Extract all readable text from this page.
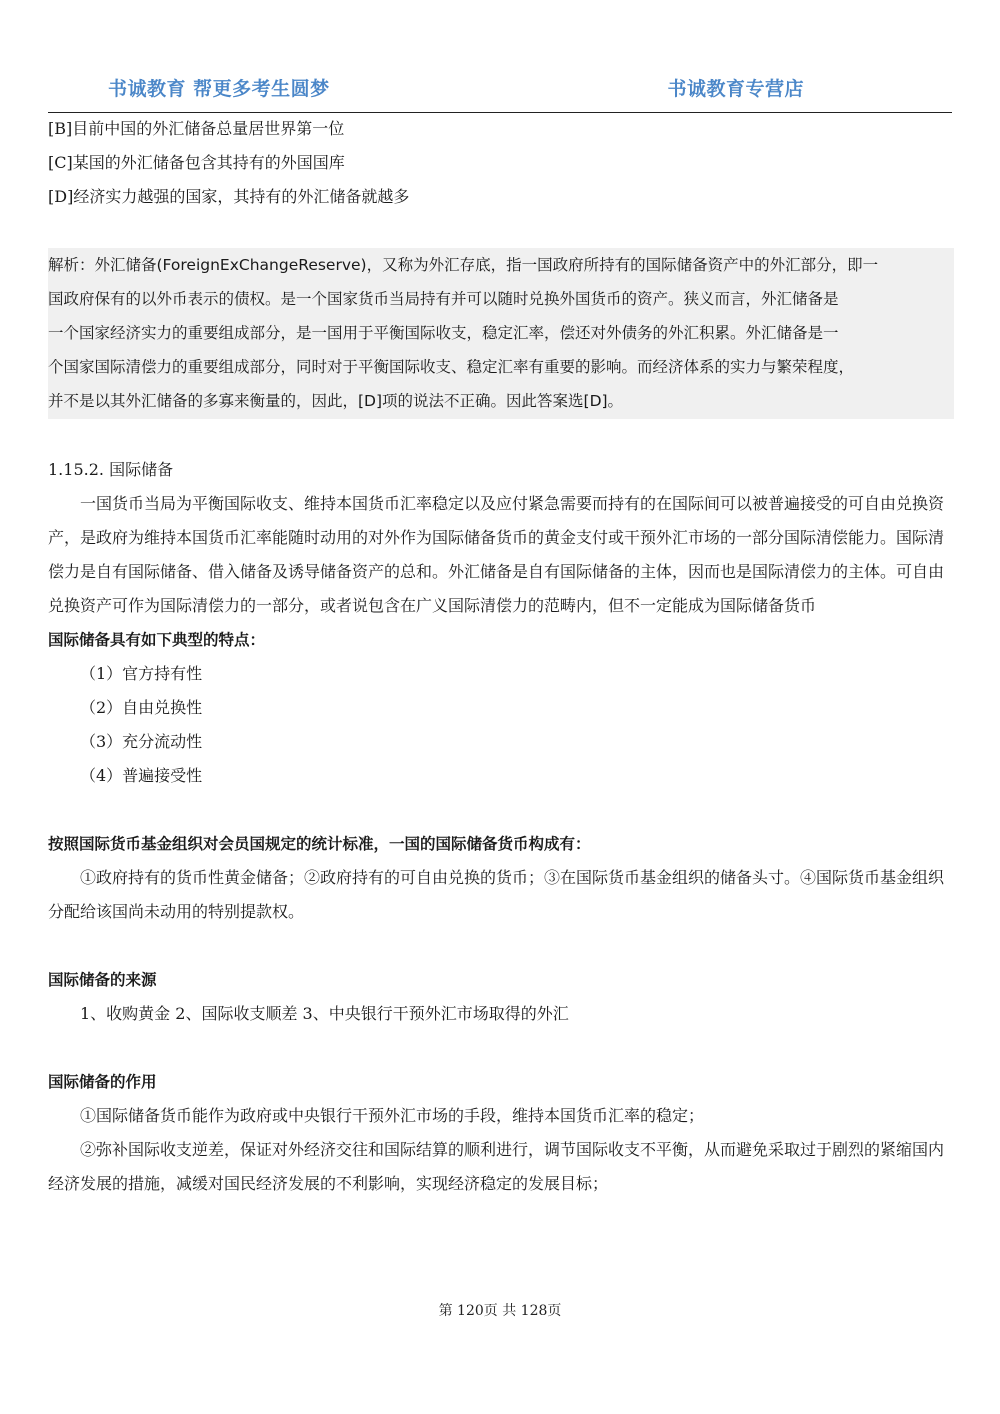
书诚教育 帮更多考生圆梦	书诚教育专营店

[B]目前中国的外汇储备总量居世界第一位

[C]某国的外汇储备包含其持有的外国国库

[D]经济实力越强的国家，其持有的外汇储备就越多

解析：外汇储备(ForeignExChangeReserve)，又称为外汇存底，指一国政府所持有的国际储备资产中的外汇部分，即一
国政府保有的以外币表示的债权。是一个国家货币当局持有并可以随时兑换外国货币的资产。狭义而言，外汇储备是
一个国家经济实力的重要组成部分，是一国用于平衡国际收支，稳定汇率，偿还对外债务的外汇积累。外汇储备是一
个国家国际清偿力的重要组成部分，同时对于平衡国际收支、稳定汇率有重要的影响。而经济体系的实力与繁荣程度，
并不是以其外汇储备的多寡来衡量的，因此，[D]项的说法不正确。因此答案选[D]。

1.15.2. 国际储备

一国货币当局为平衡国际收支、维持本国货币汇率稳定以及应付紧急需要而持有的在国际间可以被普遍接受的可自由兑换资产，是政府为维持本国货币汇率能随时动用的对外作为国际储备货币的黄金支付或干预外汇市场的一部分国际清偿能力。国际清偿力是自有国际储备、借入储备及诱导储备资产的总和。外汇储备是自有国际储备的主体，因而也是国际清偿力的主体。可自由兑换资产可作为国际清偿力的一部分，或者说包含在广义国际清偿力的范畴内，但不一定能成为国际储备货币

国际储备具有如下典型的特点：

（1）官方持有性

（2）自由兑换性

（3）充分流动性

（4）普遍接受性

按照国际货币基金组织对会员国规定的统计标准，一国的国际储备货币构成有：

①政府持有的货币性黄金储备；②政府持有的可自由兑换的货币；③在国际货币基金组织的储备头寸。④国际货币基金组织分配给该国尚未动用的特别提款权。

国际储备的来源

1、收购黄金 2、国际收支顺差 3、中央银行干预外汇市场取得的外汇

国际储备的作用

①国际储备货币能作为政府或中央银行干预外汇市场的手段，维持本国货币汇率的稳定；

②弥补国际收支逆差，保证对外经济交往和国际结算的顺利进行，调节国际收支不平衡，从而避免采取过于剧烈的紧缩国内经济发展的措施，减缓对国民经济发展的不利影响，实现经济稳定的发展目标；

第 120页 共 128页
